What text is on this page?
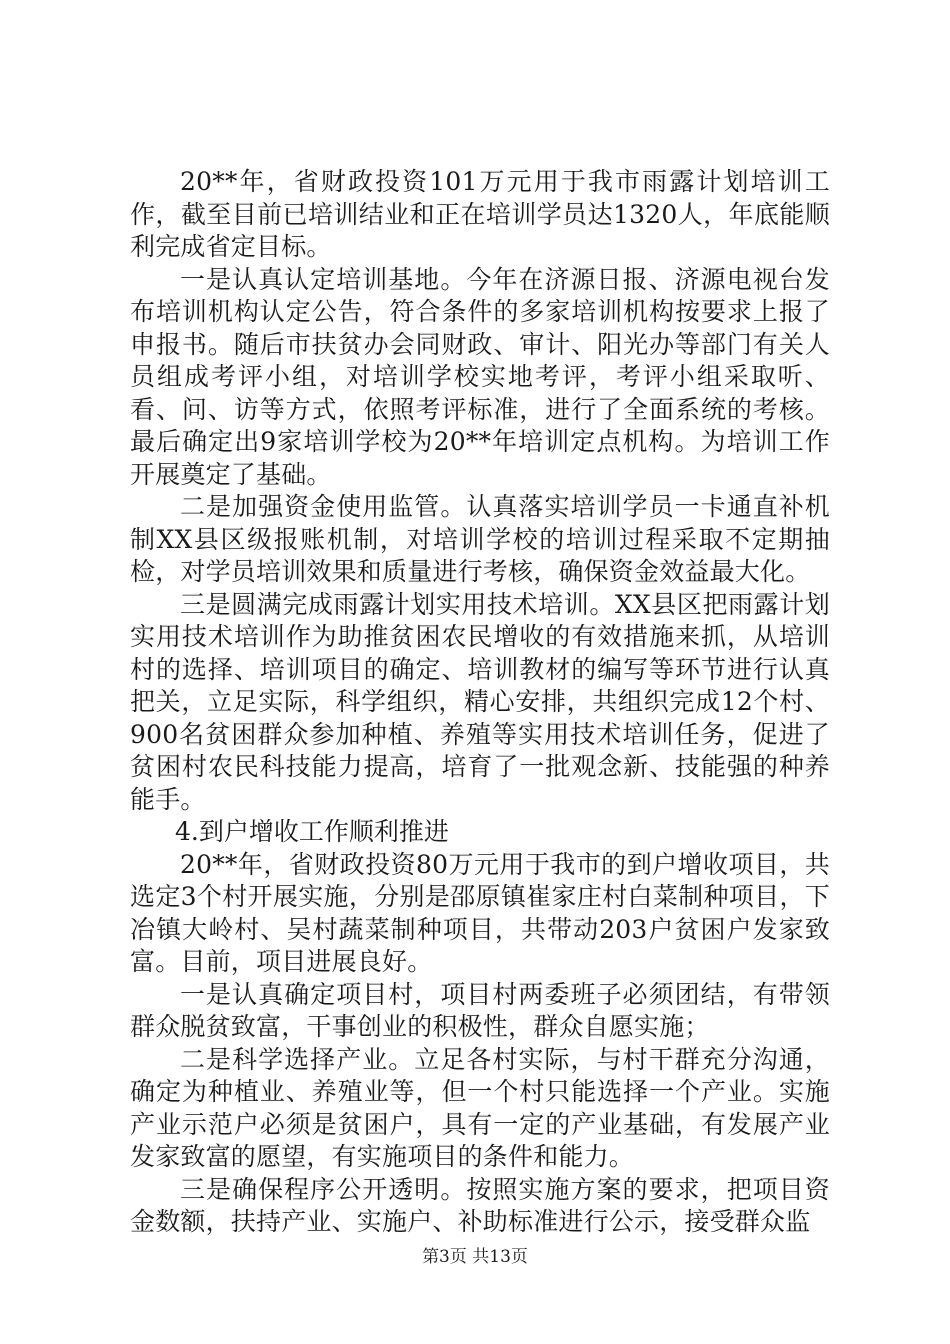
20**年，省财政投资101万元用于我市雨露计划培训工作，截至目前已培训结业和正在培训学员达1320人，年底能顺利完成省定目标。

一是认真认定培训基地。今年在济源日报、济源电视台发布培训机构认定公告，符合条件的多家培训机构按要求上报了申报书。随后市扶贫办会同财政、审计、阳光办等部门有关人员组成考评小组，对培训学校实地考评，考评小组采取听、看、问、访等方式，依照考评标准，进行了全面系统的考核。最后确定出9家培训学校为20**年培训定点机构。为培训工作开展奠定了基础。

二是加强资金使用监管。认真落实培训学员一卡通直补机制XX县区级报账机制，对培训学校的培训过程采取不定期抽检，对学员培训效果和质量进行考核，确保资金效益最大化。

三是圆满完成雨露计划实用技术培训。XX县区把雨露计划实用技术培训作为助推贫困农民增收的有效措施来抓，从培训村的选择、培训项目的确定、培训教材的编写等环节进行认真把关，立足实际，科学组织，精心安排，共组织完成12个村、900名贫困群众参加种植、养殖等实用技术培训任务，促进了贫困村农民科技能力提高，培育了一批观念新、技能强的种养能手。

4.到户增收工作顺利推进

20**年，省财政投资80万元用于我市的到户增收项目，共选定3个村开展实施，分别是邵原镇崔家庄村白菜制种项目，下冶镇大岭村、吴村蔬菜制种项目，共带动203户贫困户发家致富。目前，项目进展良好。

一是认真确定项目村，项目村两委班子必须团结，有带领群众脱贫致富，干事创业的积极性，群众自愿实施；

二是科学选择产业。立足各村实际，与村干群充分沟通，确定为种植业、养殖业等，但一个村只能选择一个产业。实施产业示范户必须是贫困户，具有一定的产业基础，有发展产业发家致富的愿望，有实施项目的条件和能力。

三是确保程序公开透明。按照实施方案的要求，把项目资金数额，扶持产业、实施户、补助标准进行公示，接受群众监

第3页 共13页
